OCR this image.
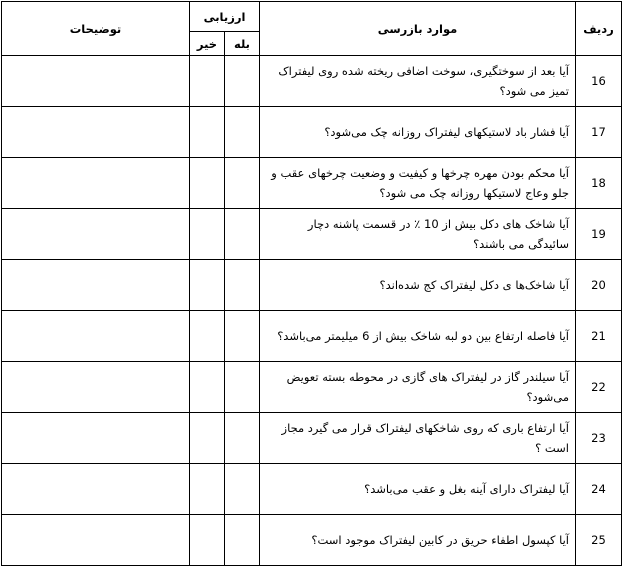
ردیف	موارد بازرسی	ارزیابی		توضیحات
		بله	خیر	
16	آیا بعد از سوختگیری، سوخت اضافی ریخته شده روی لیفتراک تمیز می شود؟			
17	آیا فشار باد لاستیکهای لیفتراک روزانه چک می‌شود؟			
18	آیا محکم بودن مهره چرخها و کیفیت و وضعیت چرخهای عقب و جلو وعاج لاستیکها روزانه چک می شود؟			
19	آیا شاخک های دکل بیش از 10 ٪ در قسمت پاشنه دچار سائیدگی می باشند؟			
20	آیا شاخک‌ها ی دکل لیفتراک کج شده‌اند؟			
21	آیا فاصله ارتفاع بین دو لبه شاخک بیش از 6 میلیمتر می‌باشد؟			
22	آیا سیلندر گاز در لیفتراک های گازی در محوطه بسته تعویض می‌شود؟			
23	آیا ارتفاع باری که روی شاخکهای لیفتراک قرار می گیرد مجاز است ؟			
24	آیا لیفتراک دارای آینه بغل و عقب می‌باشد؟			
25	آیا کپسول اطفاء حریق در کابین لیفتراک موجود است؟			
